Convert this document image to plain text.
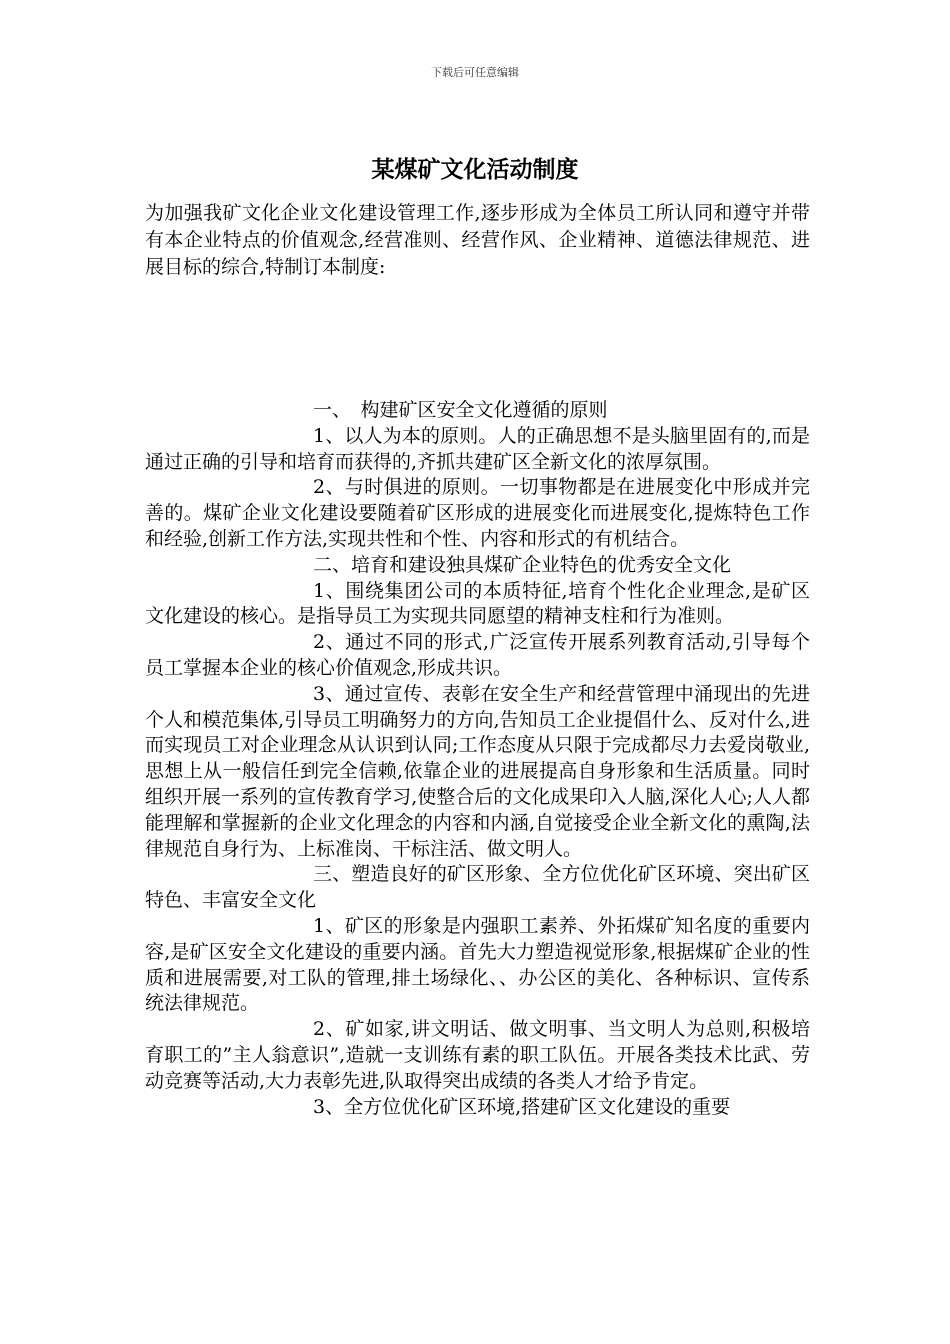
下载后可任意编辑
某煤矿文化活动制度

为加强我矿文化企业文化建设管理工作,逐步形成为全体员工所认同和遵守并带有本企业特点的价值观念,经营准则、经营作风、企业精神、道德法律规范、进展目标的综合,特制订本制度:

一、　构建矿区安全文化遵循的原则

1、以人为本的原则。人的正确思想不是头脑里固有的,而是通过正确的引导和培育而获得的,齐抓共建矿区全新文化的浓厚氛围。

2、与时俱进的原则。一切事物都是在进展变化中形成并完善的。煤矿企业文化建设要随着矿区形成的进展变化而进展变化,提炼特色工作和经验,创新工作方法,实现共性和个性、内容和形式的有机结合。

二、培育和建设独具煤矿企业特色的优秀安全文化

1、围绕集团公司的本质特征,培育个性化企业理念,是矿区文化建设的核心。是指导员工为实现共同愿望的精神支柱和行为准则。

2、通过不同的形式,广泛宣传开展系列教育活动,引导每个员工掌握本企业的核心价值观念,形成共识。

3、通过宣传、表彰在安全生产和经营管理中涌现出的先进个人和模范集体,引导员工明确努力的方向,告知员工企业提倡什么、反对什么,进而实现员工对企业理念从认识到认同;工作态度从只限于完成都尽力去爱岗敬业,思想上从一般信任到完全信赖,依靠企业的进展提高自身形象和生活质量。同时组织开展一系列的宣传教育学习,使整合后的文化成果印入人脑,深化人心;人人都能理解和掌握新的企业文化理念的内容和内涵,自觉接受企业全新文化的熏陶,法律规范自身行为、上标准岗、干标注活、做文明人。

三、塑造良好的矿区形象、全方位优化矿区环境、突出矿区特色、丰富安全文化

1、矿区的形象是内强职工素养、外拓煤矿知名度的重要内容,是矿区安全文化建设的重要内涵。首先大力塑造视觉形象,根据煤矿企业的性质和进展需要,对工队的管理,排土场绿化、、办公区的美化、各种标识、宣传系统法律规范。

2、矿如家,讲文明话、做文明事、当文明人为总则,积极培育职工的”主人翁意识”,造就一支训练有素的职工队伍。开展各类技术比武、劳动竞赛等活动,大力表彰先进,队取得突出成绩的各类人才给予肯定。

3、全方位优化矿区环境,搭建矿区文化建设的重要
